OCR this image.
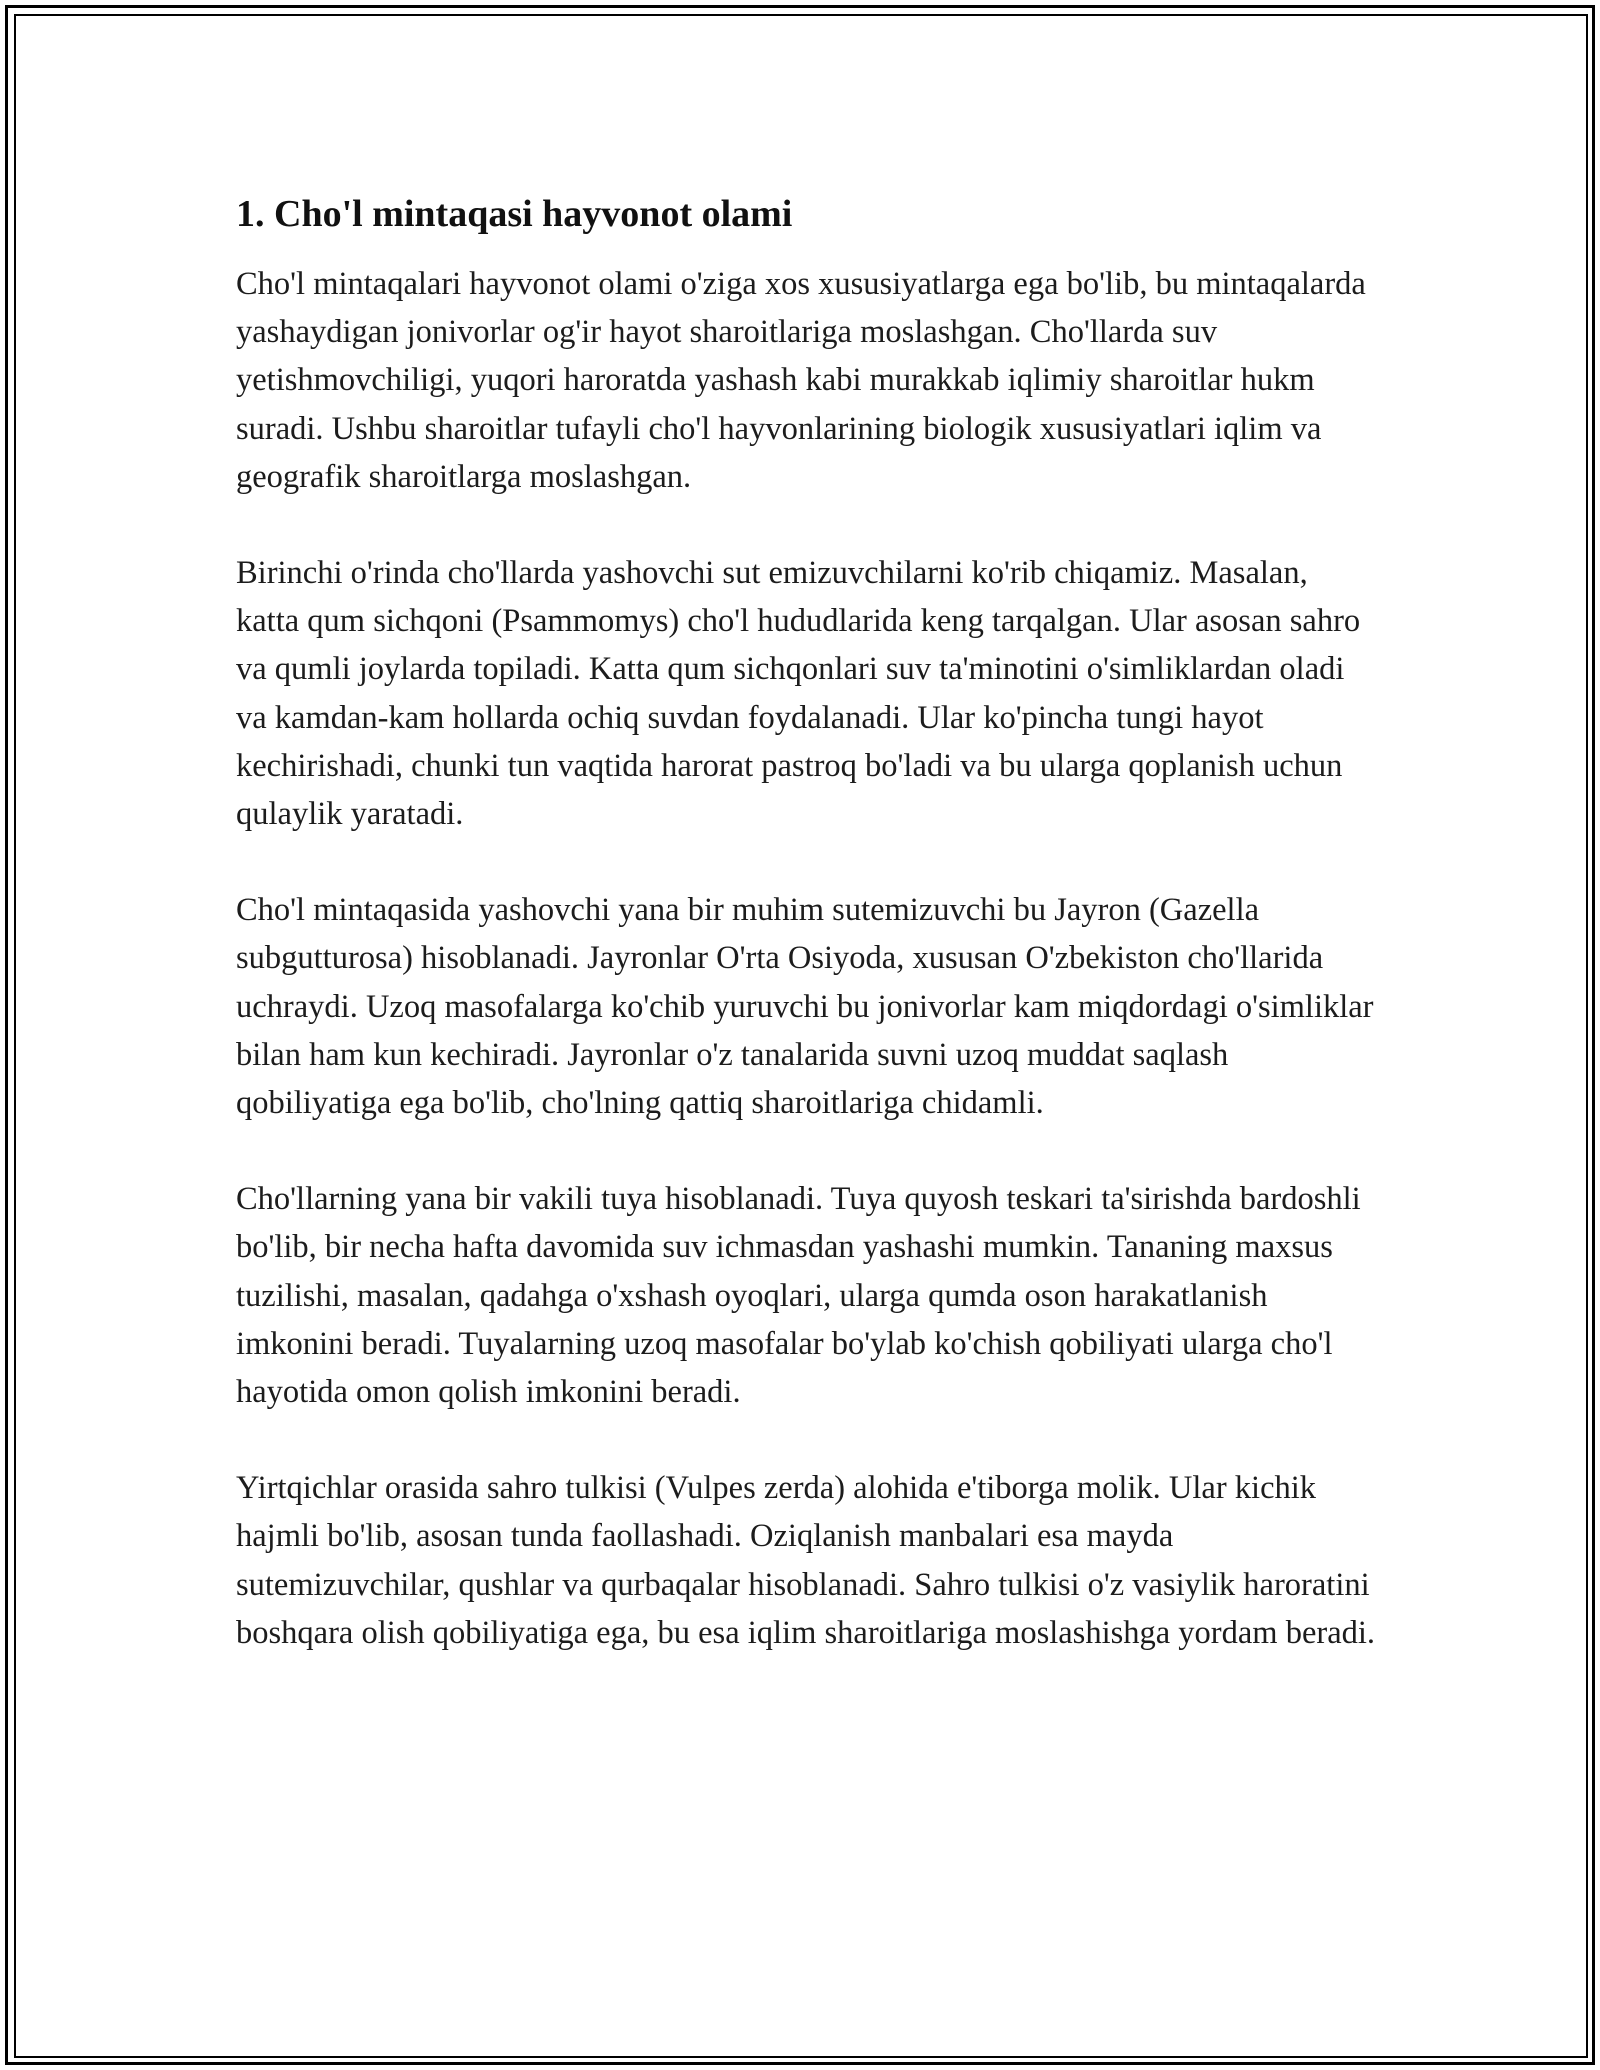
1. Cho'l mintaqasi hayvonot olami

Cho'l mintaqalari hayvonot olami o'ziga xos xususiyatlarga ega bo'lib, bu mintaqalarda yashaydigan jonivorlar og'ir hayot sharoitlariga moslashgan. Cho'llarda suv yetishmovchiligi, yuqori haroratda yashash kabi murakkab iqlimiy sharoitlar hukm suradi. Ushbu sharoitlar tufayli cho'l hayvonlarining biologik xususiyatlari iqlim va geografik sharoitlarga moslashgan.

Birinchi o'rinda cho'llarda yashovchi sut emizuvchilarni ko'rib chiqamiz. Masalan, katta qum sichqoni (Psammomys) cho'l hududlarida keng tarqalgan. Ular asosan sahro va qumli joylarda topiladi. Katta qum sichqonlari suv ta'minotini o'simliklardan oladi va kamdan-kam hollarda ochiq suvdan foydalanadi. Ular ko'pincha tungi hayot kechirishadi, chunki tun vaqtida harorat pastroq bo'ladi va bu ularga qoplanish uchun qulaylik yaratadi.

Cho'l mintaqasida yashovchi yana bir muhim sutemizuvchi bu Jayron (Gazella subgutturosa) hisoblanadi. Jayronlar O'rta Osiyoda, xususan O'zbekiston cho'llarida uchraydi. Uzoq masofalarga ko'chib yuruvchi bu jonivorlar kam miqdordagi o'simliklar bilan ham kun kechiradi. Jayronlar o'z tanalarida suvni uzoq muddat saqlash qobiliyatiga ega bo'lib, cho'lning qattiq sharoitlariga chidamli.

Cho'llarning yana bir vakili tuya hisoblanadi. Tuya quyosh teskari ta'sirishda bardoshli bo'lib, bir necha hafta davomida suv ichmasdan yashashi mumkin. Tananing maxsus tuzilishi, masalan, qadahga o'xshash oyoqlari, ularga qumda oson harakatlanish imkonini beradi. Tuyalarning uzoq masofalar bo'ylab ko'chish qobiliyati ularga cho'l hayotida omon qolish imkonini beradi.

Yirtqichlar orasida sahro tulkisi (Vulpes zerda) alohida e'tiborga molik. Ular kichik hajmli bo'lib, asosan tunda faollashadi. Oziqlanish manbalari esa mayda sutemizuvchilar, qushlar va qurbaqalar hisoblanadi. Sahro tulkisi o'z vasiylik haroratini boshqara olish qobiliyatiga ega, bu esa iqlim sharoitlariga moslashishga yordam beradi.
